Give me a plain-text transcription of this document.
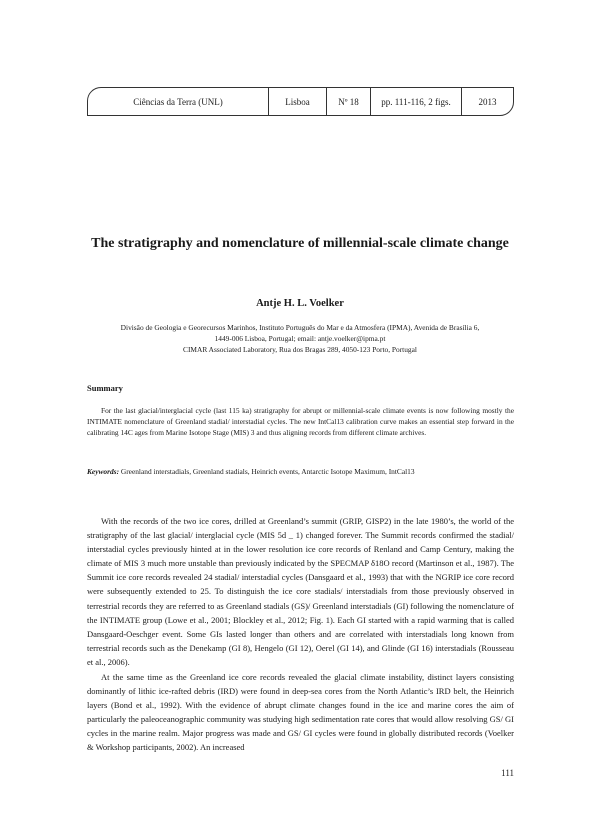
Ciências da Terra (UNL)	Lisboa	Nº 18	pp. 111-116, 2 figs.	2013
The stratigraphy and nomenclature of millennial-scale climate change
Antje H. L. Voelker
Divisão de Geologia e Georecursos Marinhos, Instituto Português do Mar e da Atmosfera (IPMA), Avenida de Brasília 6,
1449-006 Lisboa, Portugal; email: antje.voelker@ipma.pt
CIMAR Associated Laboratory, Rua dos Bragas 289, 4050-123 Porto, Portugal
Summary
For the last glacial/interglacial cycle (last 115 ka) stratigraphy for abrupt or millennial-scale climate events is now following mostly the INTIMATE nomenclature of Greenland stadial/ interstadial cycles. The new IntCal13 calibration curve makes an essential step forward in the calibrating 14C ages from Marine Isotope Stage (MIS) 3 and thus aligning records from different climate archives.
Keywords: Greenland interstadials, Greenland stadials, Heinrich events, Antarctic Isotope Maximum, IntCal13
With the records of the two ice cores, drilled at Greenland’s summit (GRIP, GISP2) in the late 1980’s, the world of the stratigraphy of the last glacial/ interglacial cycle (MIS 5d _ 1) changed forever. The Summit records confirmed the stadial/ interstadial cycles previously hinted at in the lower resolution ice core records of Renland and Camp Century, making the climate of MIS 3 much more unstable than previously indicated by the SPECMAP δ18O record (Martinson et al., 1987). The Summit ice core records revealed 24 stadial/ interstadial cycles (Dansgaard et al., 1993) that with the NGRIP ice core record were subsequently extended to 25. To distinguish the ice core stadials/ interstadials from those previously observed in terrestrial records they are referred to as Greenland stadials (GS)/ Greenland interstadials (GI) following the nomenclature of the INTIMATE group (Lowe et al., 2001; Blockley et al., 2012; Fig. 1). Each GI started with a rapid warming that is called Dansgaard-Oeschger event. Some GIs lasted longer than others and are correlated with interstadials long known from terrestrial records such as the Denekamp (GI 8), Hengelo (GI 12), Oerel (GI 14), and Glinde (GI 16) interstadials (Rousseau et al., 2006).
At the same time as the Greenland ice core records revealed the glacial climate instability, distinct layers consisting dominantly of lithic ice-rafted debris (IRD) were found in deep-sea cores from the North Atlantic’s IRD belt, the Heinrich layers (Bond et al., 1992). With the evidence of abrupt climate changes found in the ice and marine cores the aim of particularly the paleoceanographic community was studying high sedimentation rate cores that would allow resolving GS/ GI cycles in the marine realm. Major progress was made and GS/ GI cycles were found in globally distributed records (Voelker & Workshop participants, 2002). An increased
111
